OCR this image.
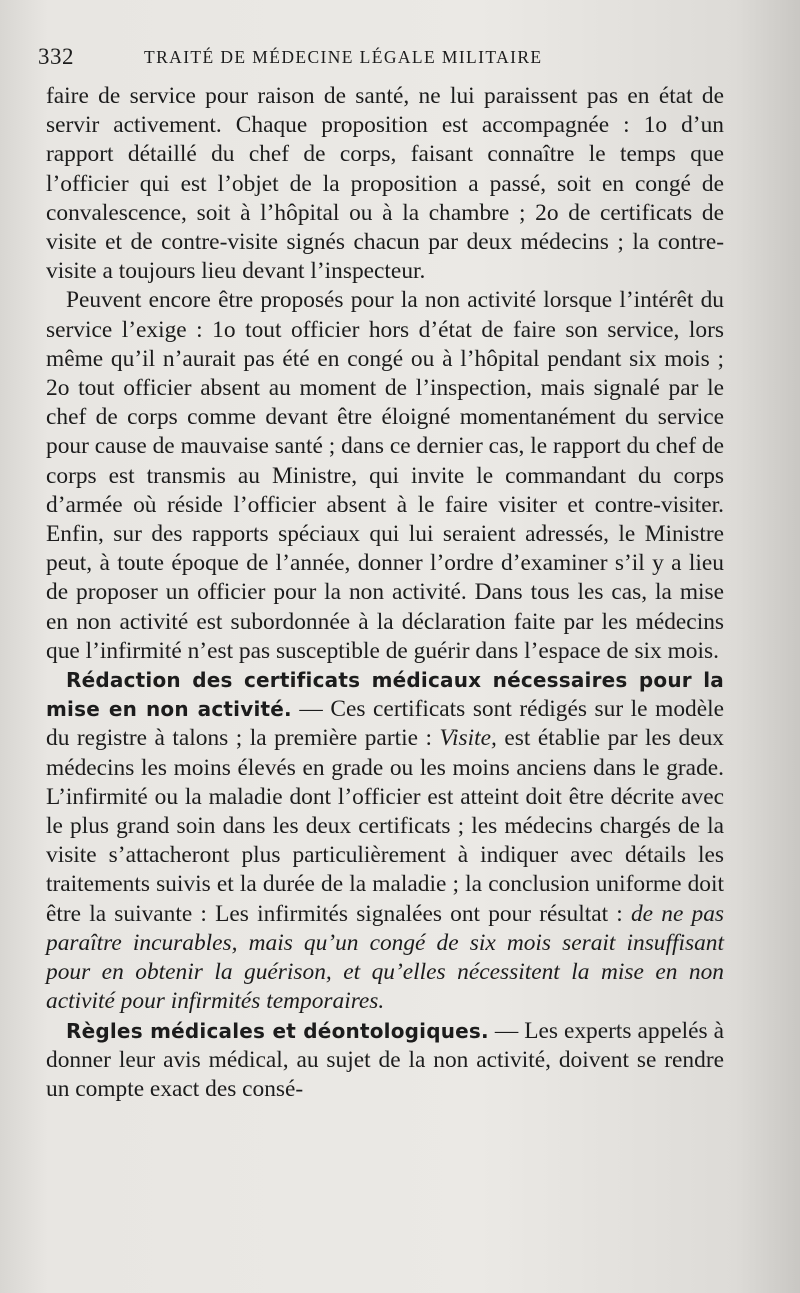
332	TRAITÉ DE MÉDECINE LÉGALE MILITAIRE

faire de service pour raison de santé, ne lui paraissent pas en état de servir activement. Chaque proposition est accompagnée : 1o d’un rapport détaillé du chef de corps, faisant connaître le temps que l’officier qui est l’objet de la proposition a passé, soit en congé de convalescence, soit à l’hôpital ou à la chambre ; 2o de certificats de visite et de contre-visite signés chacun par deux médecins ; la contre-visite a toujours lieu devant l’inspecteur.

Peuvent encore être proposés pour la non activité lorsque l’intérêt du service l’exige : 1o tout officier hors d’état de faire son service, lors même qu’il n’aurait pas été en congé ou à l’hôpital pendant six mois ; 2o tout officier absent au moment de l’inspection, mais signalé par le chef de corps comme devant être éloigné momentanément du service pour cause de mauvaise santé ; dans ce dernier cas, le rapport du chef de corps est transmis au Ministre, qui invite le commandant du corps d’armée où réside l’officier absent à le faire visiter et contre-visiter. Enfin, sur des rapports spéciaux qui lui seraient adressés, le Ministre peut, à toute époque de l’année, donner l’ordre d’examiner s’il y a lieu de proposer un officier pour la non activité. Dans tous les cas, la mise en non activité est subordonnée à la déclaration faite par les médecins que l’infirmité n’est pas susceptible de guérir dans l’espace de six mois.

Rédaction des certificats médicaux nécessaires pour la mise en non activité. — Ces certificats sont rédigés sur le modèle du registre à talons ; la première partie : Visite, est établie par les deux médecins les moins élevés en grade ou les moins anciens dans le grade. L’infirmité ou la maladie dont l’officier est atteint doit être décrite avec le plus grand soin dans les deux certificats ; les médecins chargés de la visite s’attacheront plus particulièrement à indiquer avec détails les traitements suivis et la durée de la maladie ; la conclusion uniforme doit être la suivante : Les infirmités signalées ont pour résultat : de ne pas paraître incurables, mais qu’un congé de six mois serait insuffisant pour en obtenir la guérison, et qu’elles nécessitent la mise en non activité pour infirmités temporaires.

Règles médicales et déontologiques. — Les experts appelés à donner leur avis médical, au sujet de la non activité, doivent se rendre un compte exact des consé-
